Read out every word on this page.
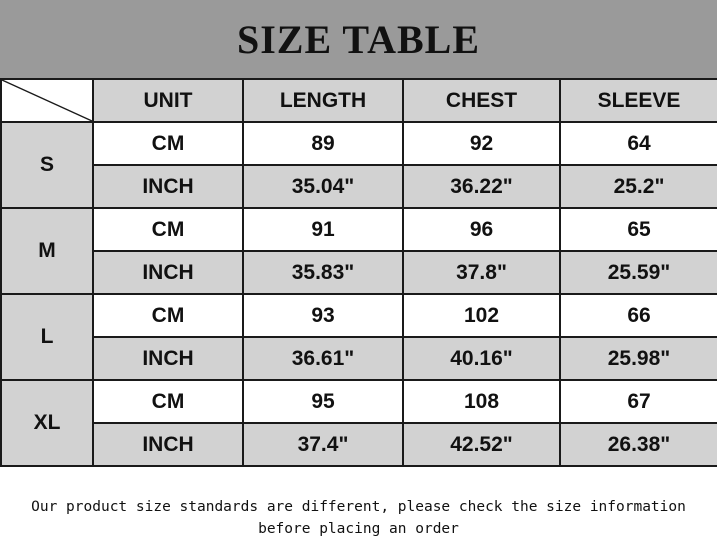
SIZE TABLE
	UNIT	LENGTH	CHEST	SLEEVE
S	CM	89	92	64
	INCH	35.04"	36.22"	25.2"
M	CM	91	96	65
	INCH	35.83"	37.8"	25.59"
L	CM	93	102	66
	INCH	36.61"	40.16"	25.98"
XL	CM	95	108	67
	INCH	37.4"	42.52"	26.38"
Our product size standards are different, please check the size information
before placing an order
